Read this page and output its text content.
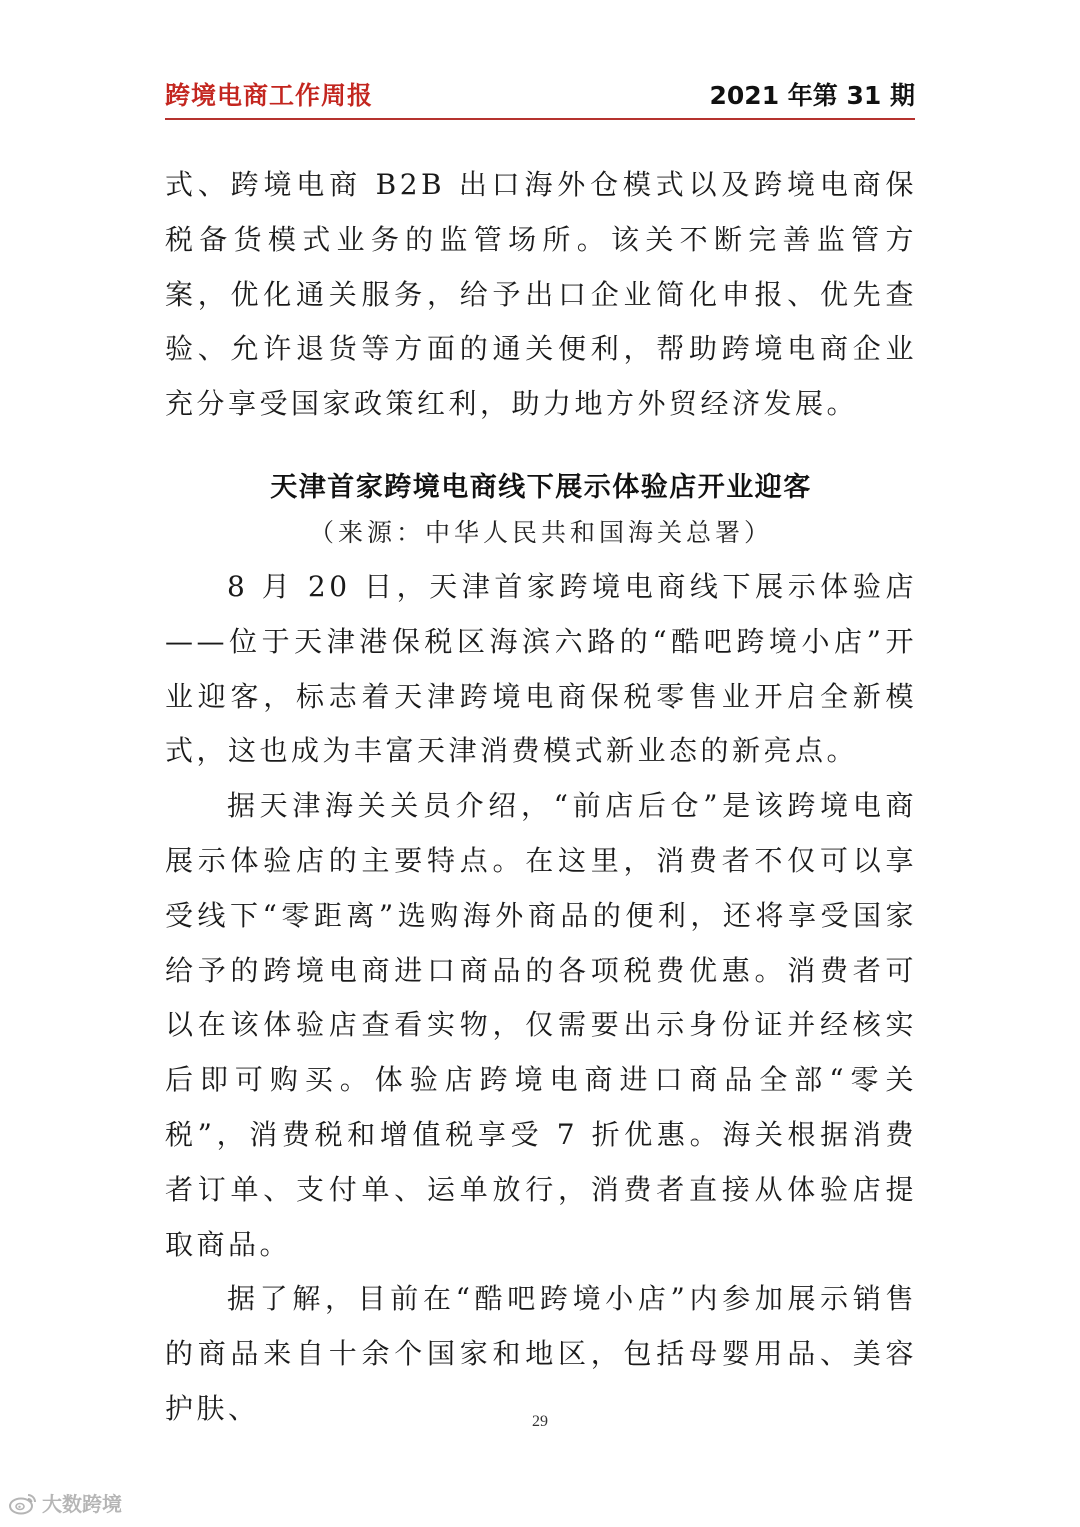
跨境电商工作周报	2021 年第 31 期

式、跨境电商 B2B 出口海外仓模式以及跨境电商保税备货模式业务的监管场所。该关不断完善监管方案，优化通关服务，给予出口企业简化申报、优先查验、允许退货等方面的通关便利，帮助跨境电商企业充分享受国家政策红利，助力地方外贸经济发展。

天津首家跨境电商线下展示体验店开业迎客

（来源：中华人民共和国海关总署）

8 月 20 日，天津首家跨境电商线下展示体验店——位于天津港保税区海滨六路的“酷吧跨境小店”开业迎客，标志着天津跨境电商保税零售业开启全新模式，这也成为丰富天津消费模式新业态的新亮点。

据天津海关关员介绍，“前店后仓”是该跨境电商展示体验店的主要特点。在这里，消费者不仅可以享受线下“零距离”选购海外商品的便利，还将享受国家给予的跨境电商进口商品的各项税费优惠。消费者可以在该体验店查看实物，仅需要出示身份证并经核实后即可购买。体验店跨境电商进口商品全部“零关税”，消费税和增值税享受 7 折优惠。海关根据消费者订单、支付单、运单放行，消费者直接从体验店提取商品。

据了解，目前在“酷吧跨境小店”内参加展示销售的商品来自十余个国家和地区，包括母婴用品、美容护肤、	29
大数跨境
